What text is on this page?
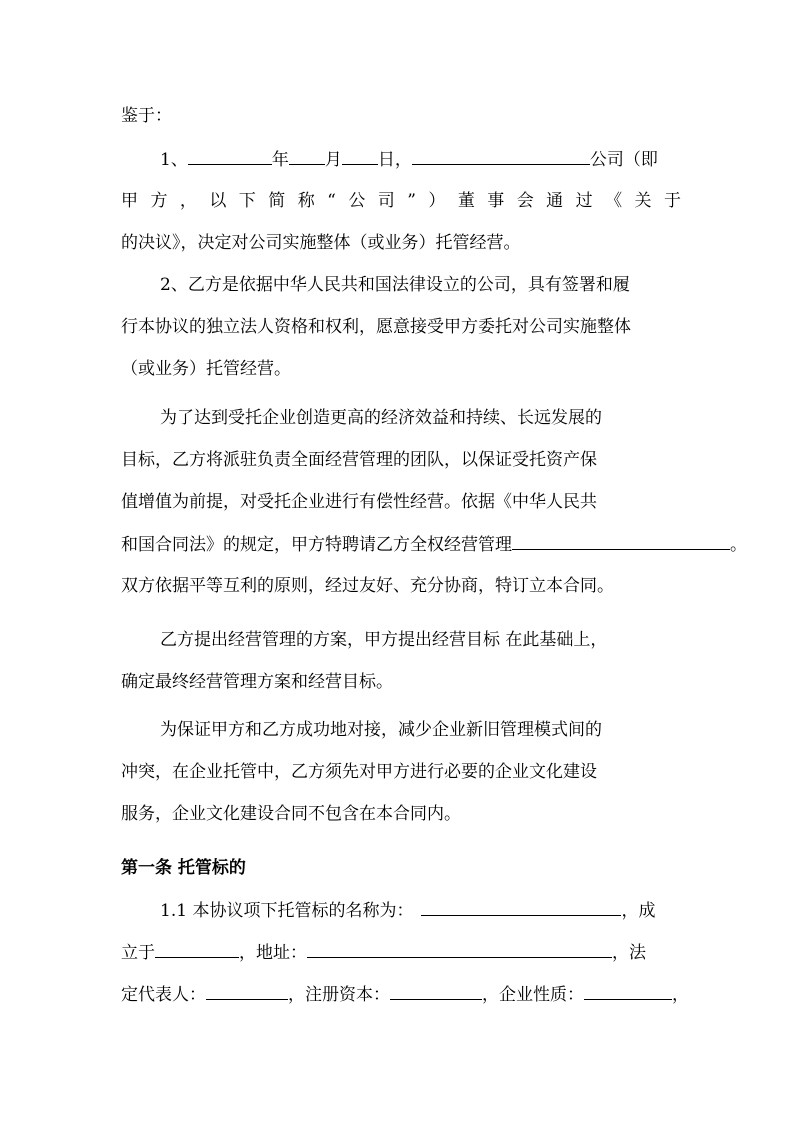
鉴于：
1、	年 月 日，	公司（即
甲方，以下简称“公司”）董事会通过《关于
的决议》，决定对公司实施整体（或业务）托管经营。
2、乙方是依据中华人民共和国法律设立的公司，具有签署和履
行本协议的独立法人资格和权利，愿意接受甲方委托对公司实施整体
（或业务）托管经营。
为了达到受托企业创造更高的经济效益和持续、长远发展的
目标，乙方将派驻负责全面经营管理的团队，以保证受托资产保
值增值为前提，对受托企业进行有偿性经营。依据《中华人民共
和国合同法》的规定，甲方特聘请乙方全权经营管理	。
双方依据平等互利的原则，经过友好、充分协商，特订立本合同。
乙方提出经营管理的方案，甲方提出经营目标 在此基础上，
确定最终经营管理方案和经营目标。
为保证甲方和乙方成功地对接，减少企业新旧管理模式间的
冲突，在企业托管中，乙方须先对甲方进行必要的企业文化建设
服务，企业文化建设合同不包含在本合同内。
第一条 托管标的
1.1 本协议项下托管标的名称为：	，成
立于	，地址：	，法
定代表人：	，注册资本：	，企业性质：	，
